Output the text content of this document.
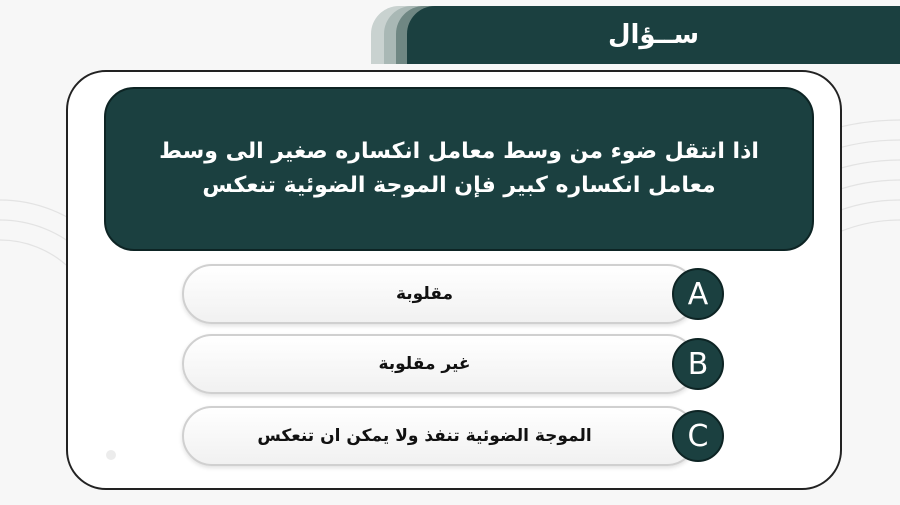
ســؤال
اذا انتقل ضوء من وسط معامل انكساره صغير الى وسط معامل انكساره كبير فإن الموجة الضوئية تنعكس
مقلوبة	A
غير مقلوبة	B
الموجة الضوئية تنفذ ولا يمكن ان تنعكس	C
